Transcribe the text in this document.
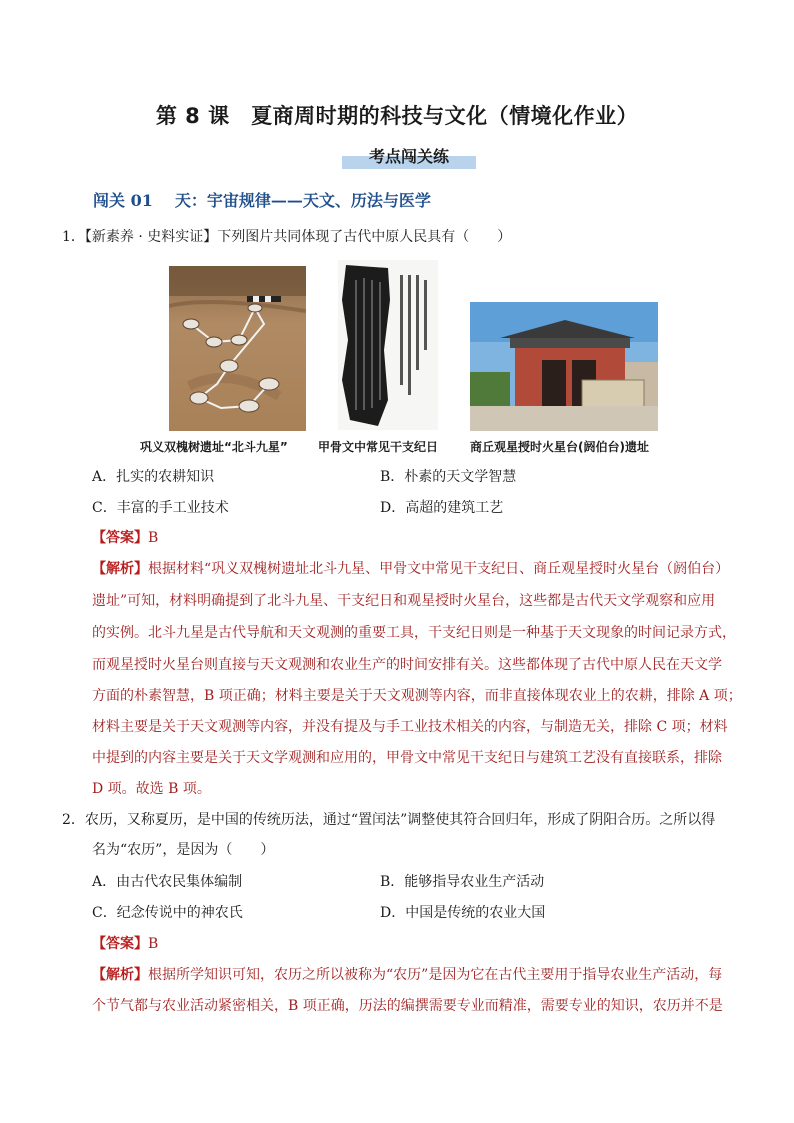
第 8 课　夏商周时期的科技与文化（情境化作业）
考点闯关练
闯关 01 天：宇宙规律——天文、历法与医学
1．【新素养 · 史料实证】下列图片共同体现了古代中原人民具有（　　）
巩义双槐树遗址“北斗九星”	甲骨文中常见干支纪日	商丘观星授时火星台(阏伯台)遗址
A．扎实的农耕知识	B．朴素的天文学智慧
C．丰富的手工业技术	D．高超的建筑工艺
【答案】B
【解析】根据材料“巩义双槐树遗址北斗九星、甲骨文中常见干支纪日、商丘观星授时火星台（阏伯台）
遗址”可知，材料明确提到了北斗九星、干支纪日和观星授时火星台，这些都是古代天文学观察和应用
的实例。北斗九星是古代导航和天文观测的重要工具，干支纪日则是一种基于天文现象的时间记录方式，
而观星授时火星台则直接与天文观测和农业生产的时间安排有关。这些都体现了古代中原人民在天文学
方面的朴素智慧，B 项正确；材料主要是关于天文观测等内容，而非直接体现农业上的农耕，排除 A 项；
材料主要是关于天文观测等内容，并没有提及与手工业技术相关的内容，与制造无关，排除 C 项；材料
中提到的内容主要是关于天文学观测和应用的，甲骨文中常见干支纪日与建筑工艺没有直接联系，排除
D 项。故选 B 项。
2．农历，又称夏历，是中国的传统历法，通过“置闰法”调整使其符合回归年，形成了阴阳合历。之所以得
名为“农历”，是因为（　　）
A．由古代农民集体编制	B．能够指导农业生产活动
C．纪念传说中的神农氏	D．中国是传统的农业大国
【答案】B
【解析】根据所学知识可知，农历之所以被称为“农历”是因为它在古代主要用于指导农业生产活动，每
个节气都与农业活动紧密相关，B 项正确，历法的编撰需要专业而精准，需要专业的知识，农历并不是
